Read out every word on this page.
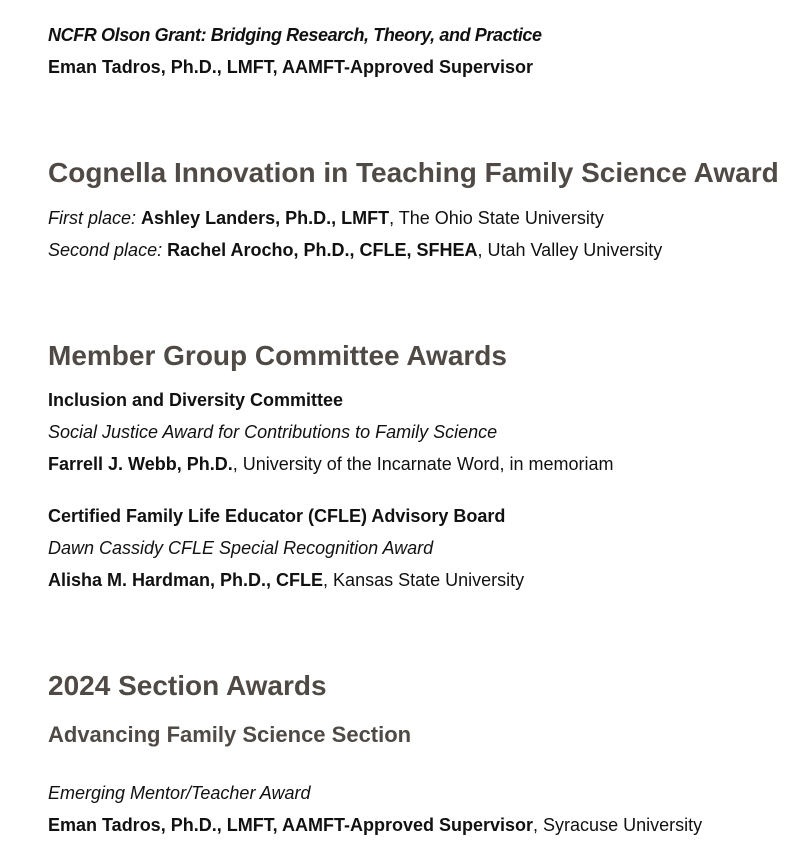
NCFR Olson Grant: Bridging Research, Theory, and Practice
Eman Tadros, Ph.D., LMFT, AAMFT-Approved Supervisor
Cognella Innovation in Teaching Family Science Award
First place: Ashley Landers, Ph.D., LMFT, The Ohio State University
Second place: Rachel Arocho, Ph.D., CFLE, SFHEA, Utah Valley University
Member Group Committee Awards
Inclusion and Diversity Committee
Social Justice Award for Contributions to Family Science
Farrell J. Webb, Ph.D., University of the Incarnate Word, in memoriam
Certified Family Life Educator (CFLE) Advisory Board
Dawn Cassidy CFLE Special Recognition Award
Alisha M. Hardman, Ph.D., CFLE, Kansas State University
2024 Section Awards
Advancing Family Science Section
Emerging Mentor/Teacher Award
Eman Tadros, Ph.D., LMFT, AAMFT-Approved Supervisor, Syracuse University
